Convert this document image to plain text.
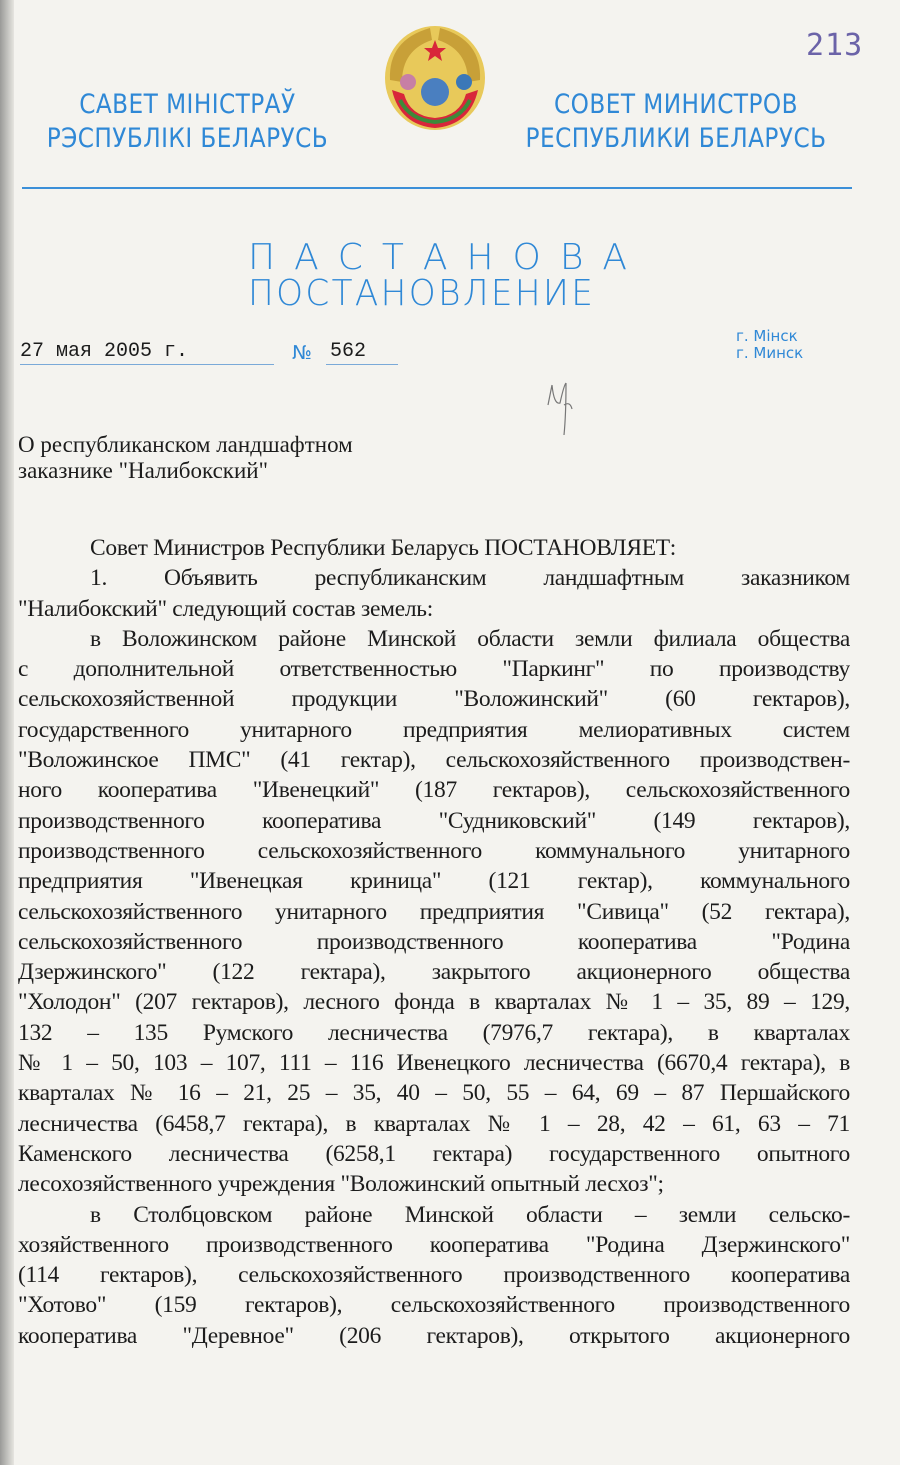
213
САВЕТ МІНІСТРАЎ
РЭСПУБЛІКІ БЕЛАРУСЬ
СОВЕТ МИНИСТРОВ
РЕСПУБЛИКИ БЕЛАРУСЬ
ПАСТАНОВА
ПОСТАНОВЛЕНИЕ
г. Мінск
г. Минск
27 мая 2005 г.	№ 562
О республиканском ландшафтном
заказнике "Налибокский"
Совет Министров Республики Беларусь ПОСТАНОВЛЯЕТ:
1. Объявить республиканским ландшафтным заказником
"Налибокский" следующий состав земель:
в Воложинском районе Минской области земли филиала общества
с дополнительной ответственностью "Паркинг" по производству
сельскохозяйственной продукции "Воложинский" (60 гектаров),
государственного унитарного предприятия мелиоративных систем
"Воложинское ПМС" (41 гектар), сельскохозяйственного производствен-
ного кооператива "Ивенецкий" (187 гектаров), сельскохозяйственного
производственного кооператива "Судниковский" (149 гектаров),
производственного сельскохозяйственного коммунального унитарного
предприятия "Ивенецкая криница" (121 гектар), коммунального
сельскохозяйственного унитарного предприятия "Сивица" (52 гектара),
сельскохозяйственного производственного кооператива "Родина
Дзержинского" (122 гектара), закрытого акционерного общества
"Холодон" (207 гектаров), лесного фонда в кварталах № 1 – 35, 89 – 129,
132 – 135 Румского лесничества (7976,7 гектара), в кварталах
№ 1 – 50, 103 – 107, 111 – 116 Ивенецкого лесничества (6670,4 гектара), в
кварталах № 16 – 21, 25 – 35, 40 – 50, 55 – 64, 69 – 87 Першайского
лесничества (6458,7 гектара), в кварталах № 1 – 28, 42 – 61, 63 – 71
Каменского лесничества (6258,1 гектара) государственного опытного
лесохозяйственного учреждения "Воложинский опытный лесхоз";
в Столбцовском районе Минской области – земли сельско-
хозяйственного производственного кооператива "Родина Дзержинского"
(114 гектаров), сельскохозяйственного производственного кооператива
"Хотово" (159 гектаров), сельскохозяйственного производственного
кооператива "Деревное" (206 гектаров), открытого акционерного
